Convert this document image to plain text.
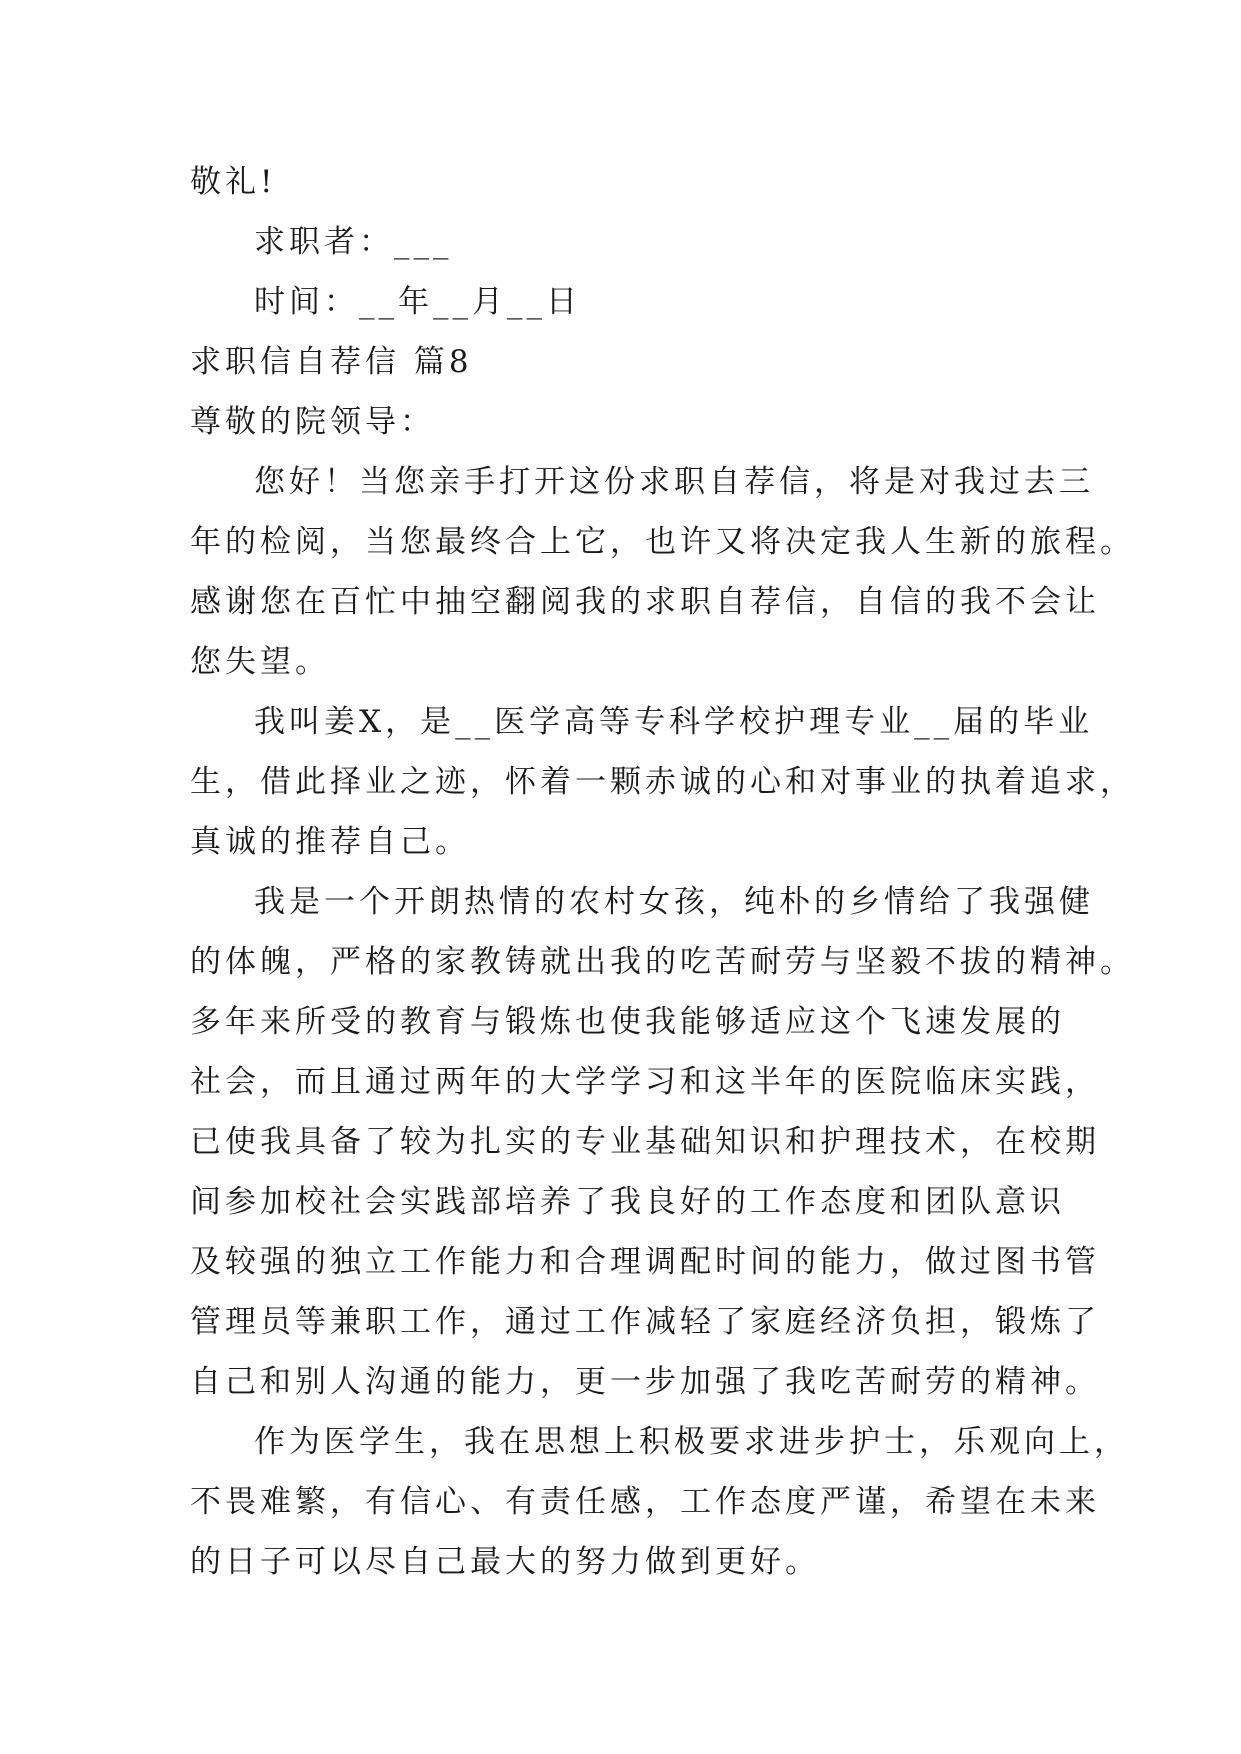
敬礼!
求职者：___
时间：__年__月__日
求职信自荐信 篇8
尊敬的院领导：
您好！当您亲手打开这份求职自荐信，将是对我过去三
年的检阅，当您最终合上它，也许又将决定我人生新的旅程。
感谢您在百忙中抽空翻阅我的求职自荐信，自信的我不会让
您失望。
我叫姜X，是__医学高等专科学校护理专业__届的毕业
生，借此择业之迹，怀着一颗赤诚的心和对事业的执着追求，
真诚的推荐自己。
我是一个开朗热情的农村女孩，纯朴的乡情给了我强健
的体魄，严格的家教铸就出我的吃苦耐劳与坚毅不拔的精神。
多年来所受的教育与锻炼也使我能够适应这个飞速发展的
社会，而且通过两年的大学学习和这半年的医院临床实践，
已使我具备了较为扎实的专业基础知识和护理技术，在校期
间参加校社会实践部培养了我良好的工作态度和团队意识
及较强的独立工作能力和合理调配时间的能力，做过图书管
管理员等兼职工作，通过工作减轻了家庭经济负担，锻炼了
自己和别人沟通的能力，更一步加强了我吃苦耐劳的精神。
作为医学生，我在思想上积极要求进步护士，乐观向上，
不畏难繁，有信心、有责任感，工作态度严谨，希望在未来
的日子可以尽自己最大的努力做到更好。
